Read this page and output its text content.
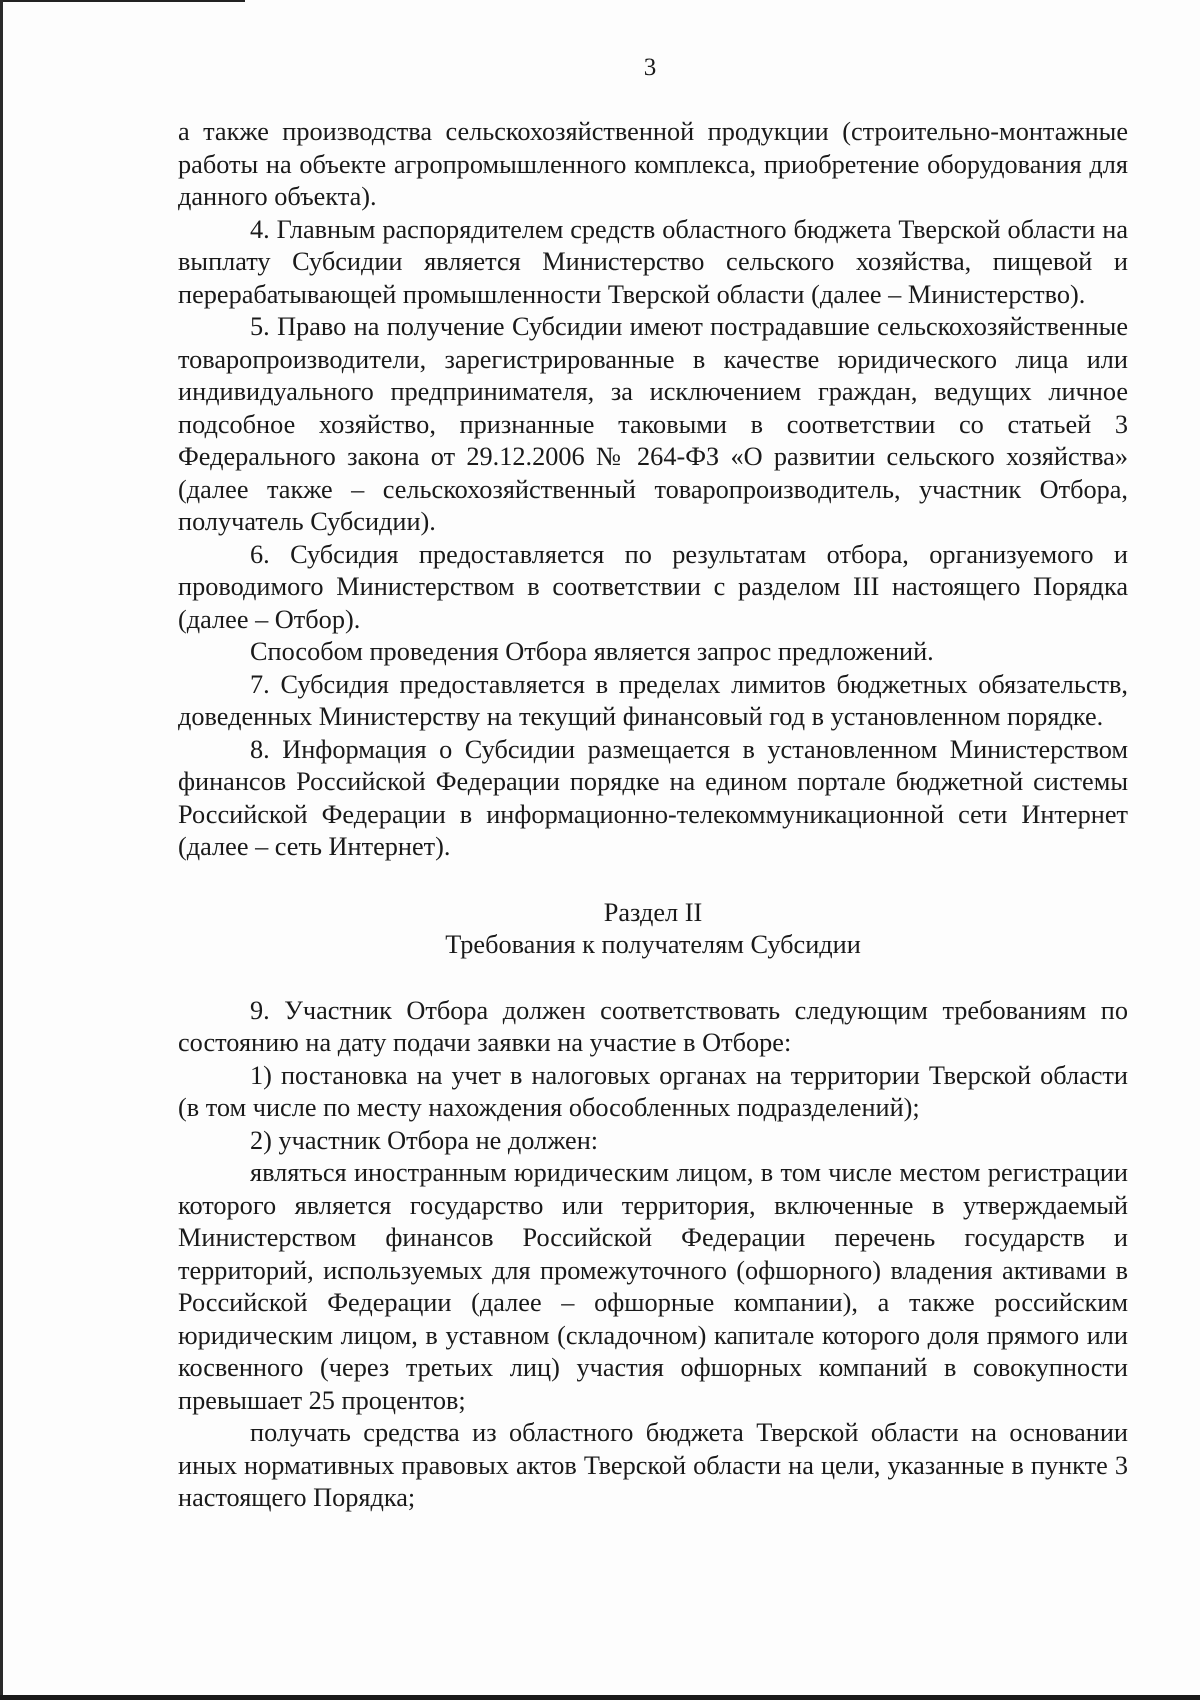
3

а также производства сельскохозяйственной продукции (строительно-монтажные работы на объекте агропромышленного комплекса, приобретение оборудования для данного объекта).

4. Главным распорядителем средств областного бюджета Тверской области на выплату Субсидии является Министерство сельского хозяйства, пищевой и перерабатывающей промышленности Тверской области (далее – Министерство).

5. Право на получение Субсидии имеют пострадавшие сельскохозяйственные товаропроизводители, зарегистрированные в качестве юридического лица или индивидуального предпринимателя, за исключением граждан, ведущих личное подсобное хозяйство, признанные таковыми в соответствии со статьей 3 Федерального закона от 29.12.2006 № 264-ФЗ «О развитии сельского хозяйства» (далее также – сельскохозяйственный товаропроизводитель, участник Отбора, получатель Субсидии).

6. Субсидия предоставляется по результатам отбора, организуемого и проводимого Министерством в соответствии с разделом III настоящего Порядка (далее – Отбор).

Способом проведения Отбора является запрос предложений.

7. Субсидия предоставляется в пределах лимитов бюджетных обязательств, доведенных Министерству на текущий финансовый год в установленном порядке.

8. Информация о Субсидии размещается в установленном Министерством финансов Российской Федерации порядке на едином портале бюджетной системы Российской Федерации в информационно-телекоммуникационной сети Интернет (далее – сеть Интернет).

Раздел II

Требования к получателям Субсидии

9. Участник Отбора должен соответствовать следующим требованиям по состоянию на дату подачи заявки на участие в Отборе:

1) постановка на учет в налоговых органах на территории Тверской области (в том числе по месту нахождения обособленных подразделений);

2) участник Отбора не должен:

являться иностранным юридическим лицом, в том числе местом регистрации которого является государство или территория, включенные в утверждаемый Министерством финансов Российской Федерации перечень государств и территорий, используемых для промежуточного (офшорного) владения активами в Российской Федерации (далее – офшорные компании), а также российским юридическим лицом, в уставном (складочном) капитале которого доля прямого или косвенного (через третьих лиц) участия офшорных компаний в совокупности превышает 25 процентов;

получать средства из областного бюджета Тверской области на основании иных нормативных правовых актов Тверской области на цели, указанные в пункте 3 настоящего Порядка;
